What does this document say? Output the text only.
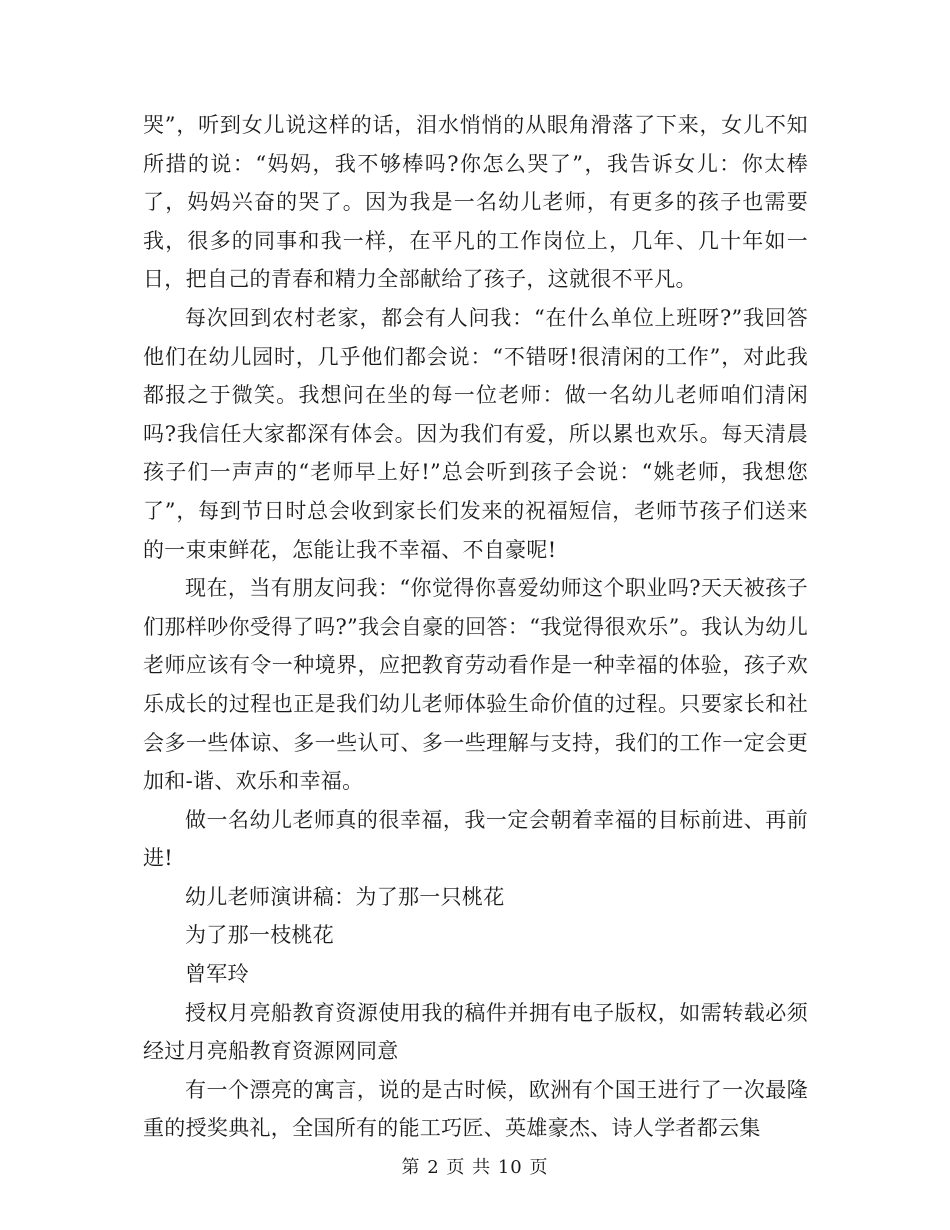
哭”，听到女儿说这样的话，泪水悄悄的从眼角滑落了下来，女儿不知所措的说：“妈妈，我不够棒吗?你怎么哭了”，我告诉女儿：你太棒了，妈妈兴奋的哭了。因为我是一名幼儿老师，有更多的孩子也需要我，很多的同事和我一样，在平凡的工作岗位上，几年、几十年如一日，把自己的青春和精力全部献给了孩子，这就很不平凡。

每次回到农村老家，都会有人问我：“在什么单位上班呀?”我回答他们在幼儿园时，几乎他们都会说：“不错呀!很清闲的工作”，对此我都报之于微笑。我想问在坐的每一位老师：做一名幼儿老师咱们清闲吗?我信任大家都深有体会。因为我们有爱，所以累也欢乐。每天清晨孩子们一声声的“老师早上好!”总会听到孩子会说：“姚老师，我想您了”，每到节日时总会收到家长们发来的祝福短信，老师节孩子们送来的一束束鲜花，怎能让我不幸福、不自豪呢!

现在，当有朋友问我：“你觉得你喜爱幼师这个职业吗?天天被孩子们那样吵你受得了吗?”我会自豪的回答：“我觉得很欢乐”。我认为幼儿老师应该有令一种境界，应把教育劳动看作是一种幸福的体验，孩子欢乐成长的过程也正是我们幼儿老师体验生命价值的过程。只要家长和社会多一些体谅、多一些认可、多一些理解与支持，我们的工作一定会更加和-谐、欢乐和幸福。

做一名幼儿老师真的很幸福，我一定会朝着幸福的目标前进、再前进!

幼儿老师演讲稿：为了那一只桃花

为了那一枝桃花

曾军玲

授权月亮船教育资源使用我的稿件并拥有电子版权，如需转载必须经过月亮船教育资源网同意

有一个漂亮的寓言，说的是古时候，欧洲有个国王进行了一次最隆重的授奖典礼，全国所有的能工巧匠、英雄豪杰、诗人学者都云集

第 2 页 共 10 页
